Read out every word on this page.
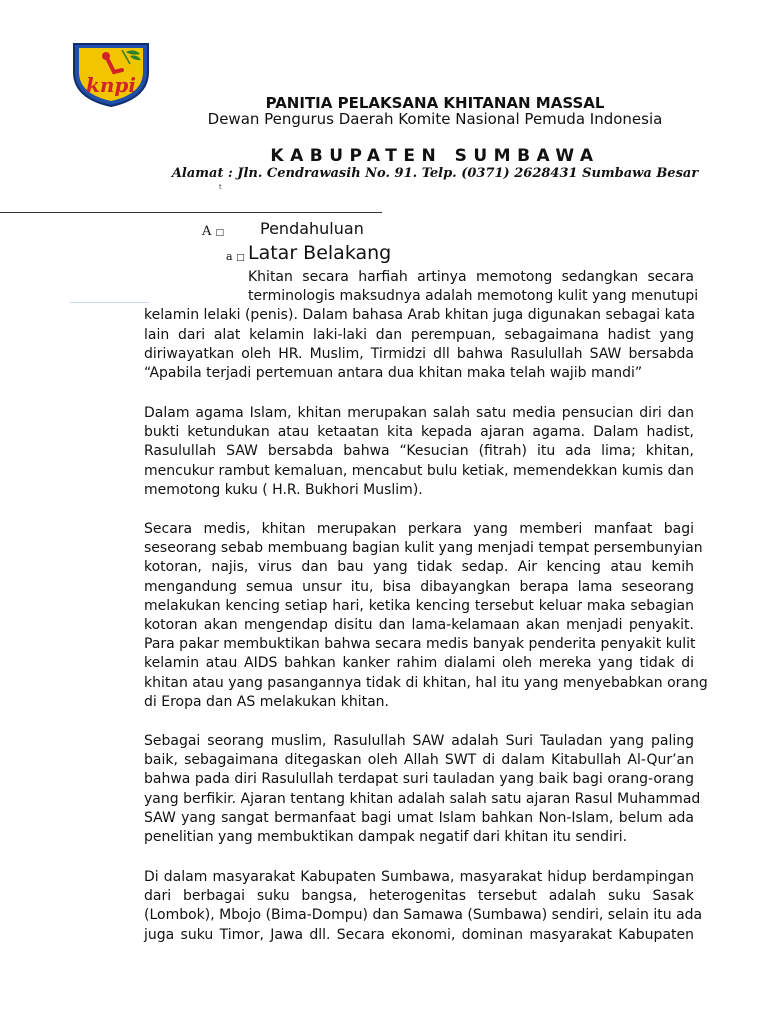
knpi
PANITIA PELAKSANA KHITANAN MASSAL
Dewan Pengurus Daerah Komite Nasional Pemuda Indonesia
KABUPATEN SUMBAWA
Alamat : Jln. Cendrawasih No. 91. Telp. (0371) 2628431 Sumbawa Besar
t
A □ Pendahuluan
a □ Latar Belakang
Khitan secara harfiah artinya memotong sedangkan secara
terminologis maksudnya adalah memotong kulit yang menutupi
kelamin lelaki (penis). Dalam bahasa Arab khitan juga digunakan sebagai kata
lain dari alat kelamin laki-laki dan perempuan, sebagaimana hadist yang
diriwayatkan oleh HR. Muslim, Tirmidzi dll bahwa Rasulullah SAW bersabda
“Apabila terjadi pertemuan antara dua khitan maka telah wajib mandi”
Dalam agama Islam, khitan merupakan salah satu media pensucian diri dan
bukti ketundukan atau ketaatan kita kepada ajaran agama. Dalam hadist,
Rasulullah SAW bersabda bahwa “Kesucian (fitrah) itu ada lima; khitan,
mencukur rambut kemaluan, mencabut bulu ketiak, memendekkan kumis dan
memotong kuku ( H.R. Bukhori Muslim).
Secara medis, khitan merupakan perkara yang memberi manfaat bagi
seseorang sebab membuang bagian kulit yang menjadi tempat persembunyian
kotoran, najis, virus dan bau yang tidak sedap. Air kencing atau kemih
mengandung semua unsur itu, bisa dibayangkan berapa lama seseorang
melakukan kencing setiap hari, ketika kencing tersebut keluar maka sebagian
kotoran akan mengendap disitu dan lama-kelamaan akan menjadi penyakit.
Para pakar membuktikan bahwa secara medis banyak penderita penyakit kulit
kelamin atau AIDS bahkan kanker rahim dialami oleh mereka yang tidak di
khitan atau yang pasangannya tidak di khitan, hal itu yang menyebabkan orang
di Eropa dan AS melakukan khitan.
Sebagai seorang muslim, Rasulullah SAW adalah Suri Tauladan yang paling
baik, sebagaimana ditegaskan oleh Allah SWT di dalam Kitabullah Al-Qur’an
bahwa pada diri Rasulullah terdapat suri tauladan yang baik bagi orang-orang
yang berfikir. Ajaran tentang khitan adalah salah satu ajaran Rasul Muhammad
SAW yang sangat bermanfaat bagi umat Islam bahkan Non-Islam, belum ada
penelitian yang membuktikan dampak negatif dari khitan itu sendiri.
Di dalam masyarakat Kabupaten Sumbawa, masyarakat hidup berdampingan
dari berbagai suku bangsa, heterogenitas tersebut adalah suku Sasak
(Lombok), Mbojo (Bima-Dompu) dan Samawa (Sumbawa) sendiri, selain itu ada
juga suku Timor, Jawa dll. Secara ekonomi, dominan masyarakat Kabupaten
